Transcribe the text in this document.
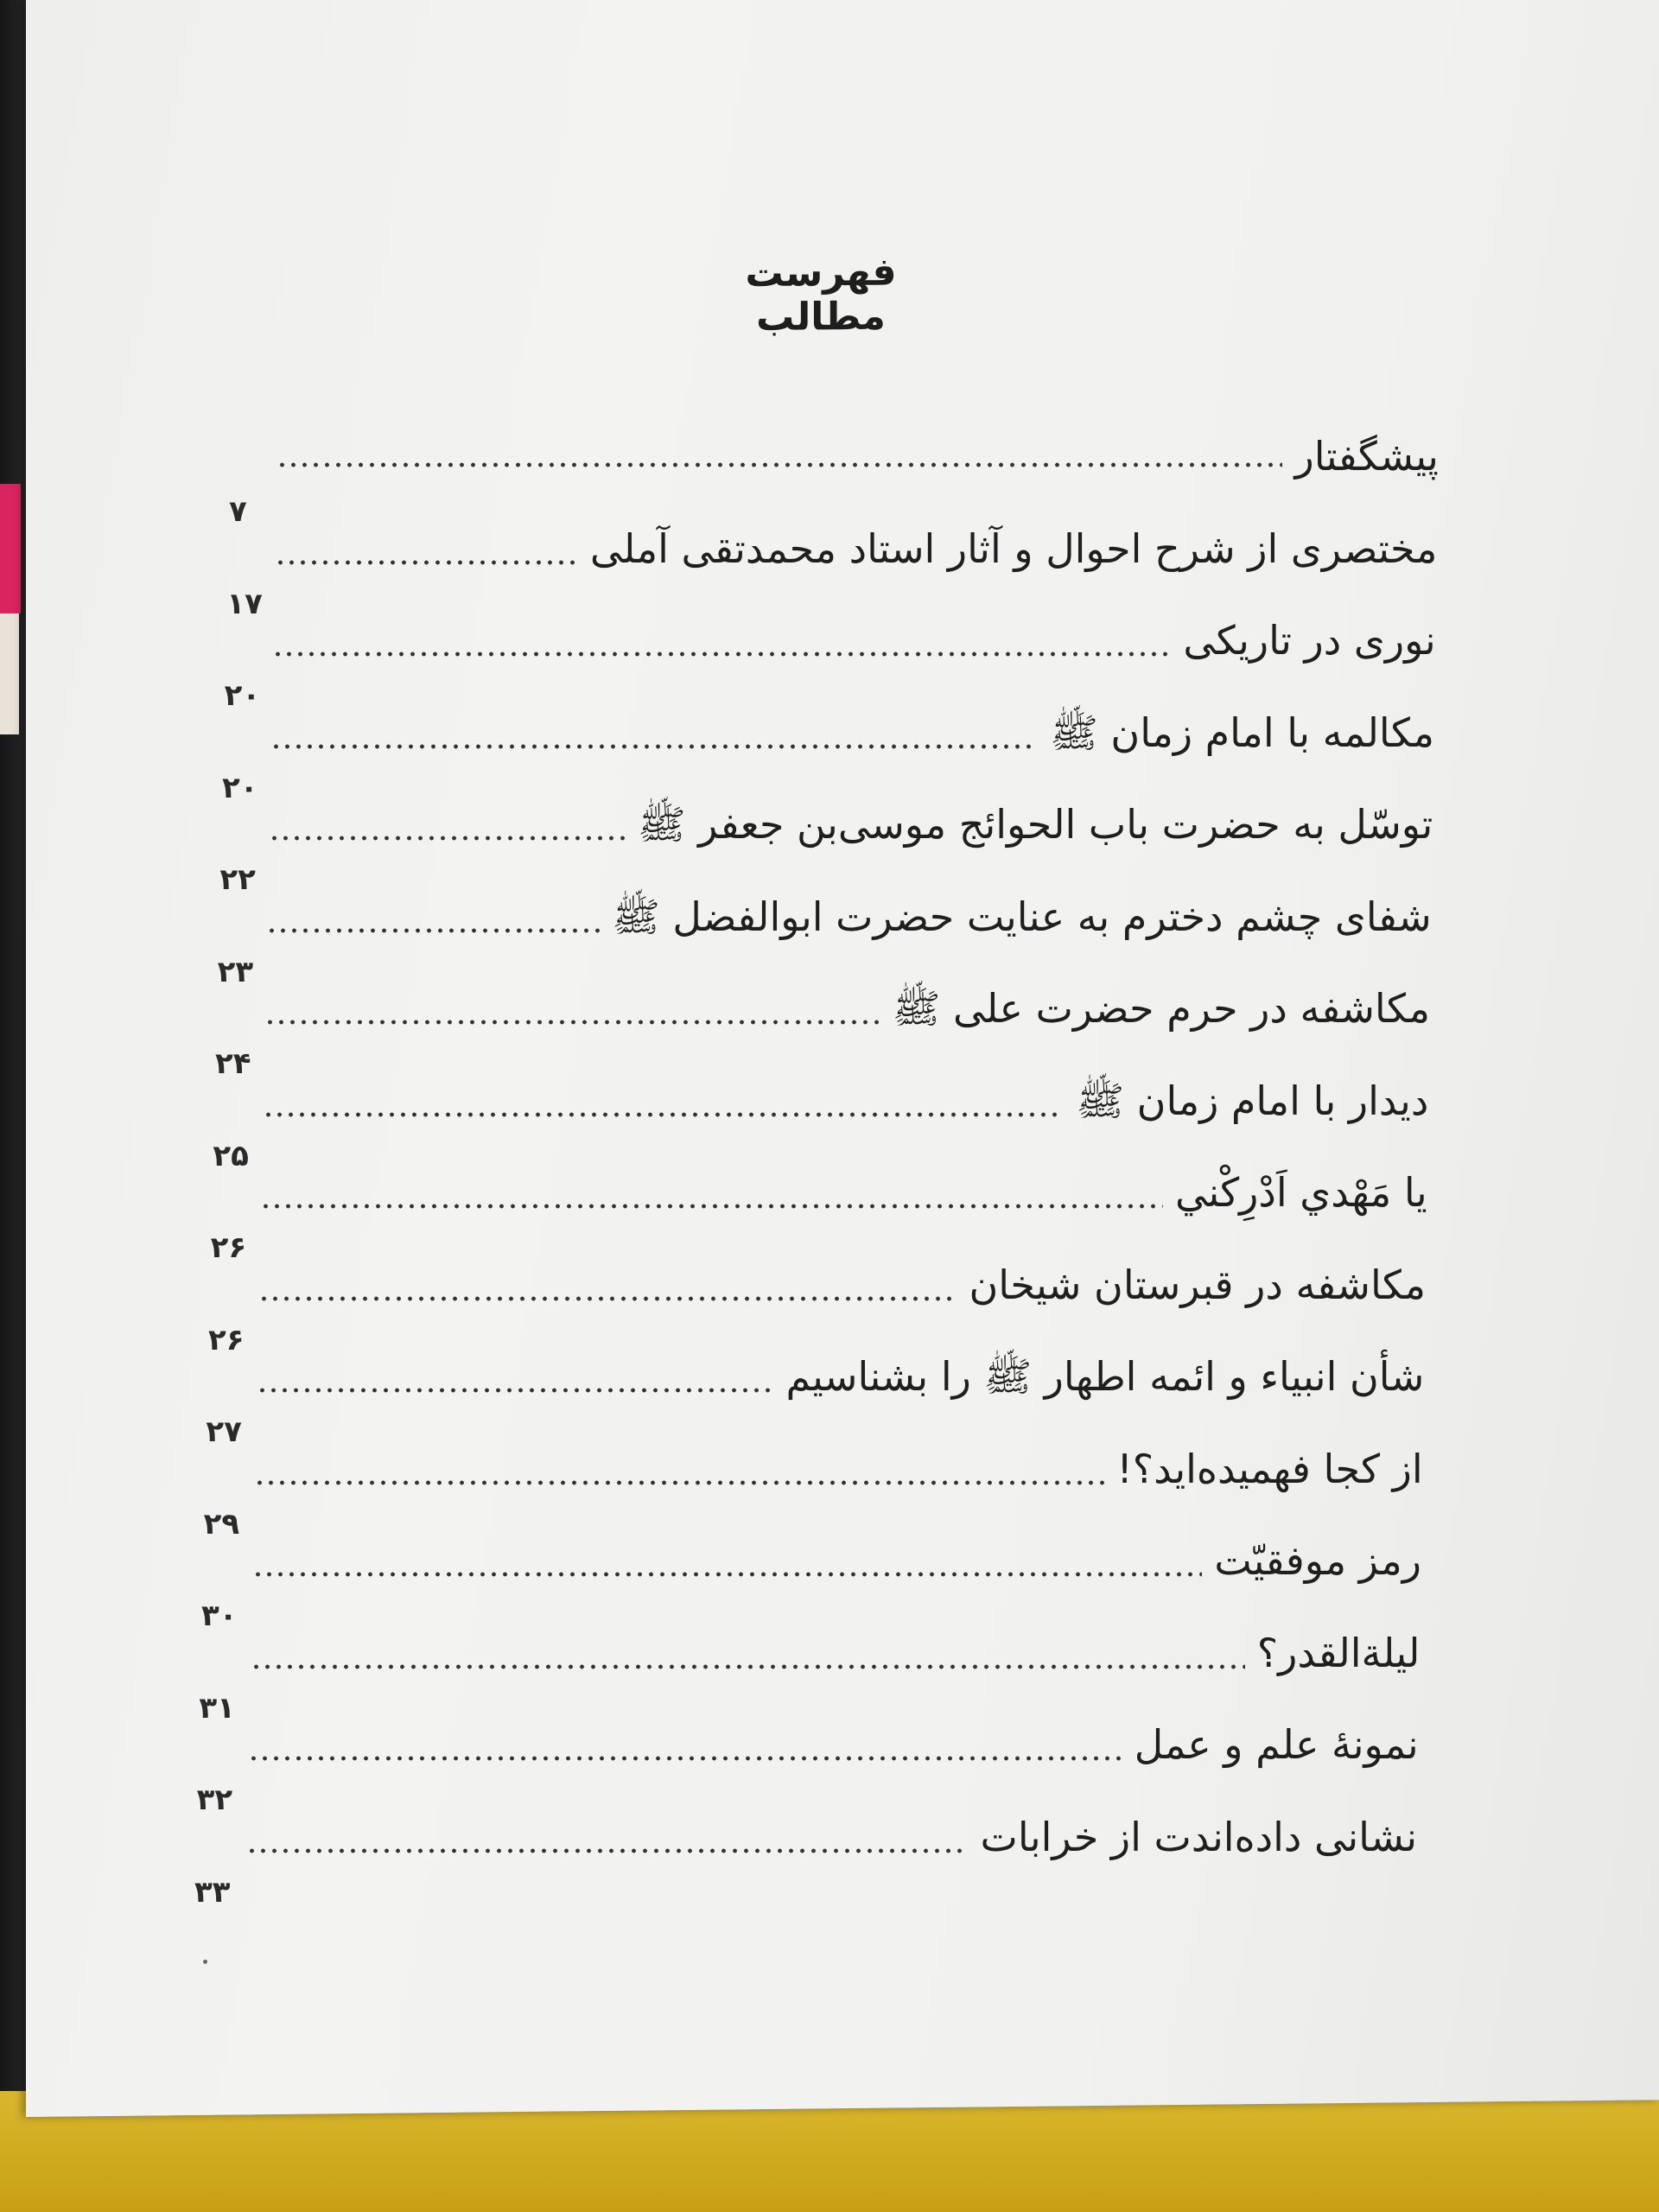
فهرست مطالب
پیشگفتار
۷
مختصری از شرح احوال و آثار استاد محمدتقی آملی
۱۷
نوری در تاریکی
۲۰
مکالمه با امام زمان ﷺ
۲۰
توسّل به حضرت باب الحوائج موسی‌بن جعفر ﷺ
۲۲
شفای چشم دخترم به عنایت حضرت ابوالفضل ﷺ
۲۳
مکاشفه در حرم حضرت علی ﷺ
۲۴
دیدار با امام زمان ﷺ
۲۵
یا مَهْدي اَدْرِكْني
۲۶
مکاشفه در قبرستان شیخان
۲۶
شأن انبیاء و ائمه اطهار ﷺ را بشناسیم
۲۷
از کجا فهمیده‌اید؟!
۲۹
رمز موفقیّت
۳۰
لیلة‌القدر؟
۳۱
نمونهٔ علم و عمل
۳۲
نشانی داده‌اندت از خرابات
۳۳
